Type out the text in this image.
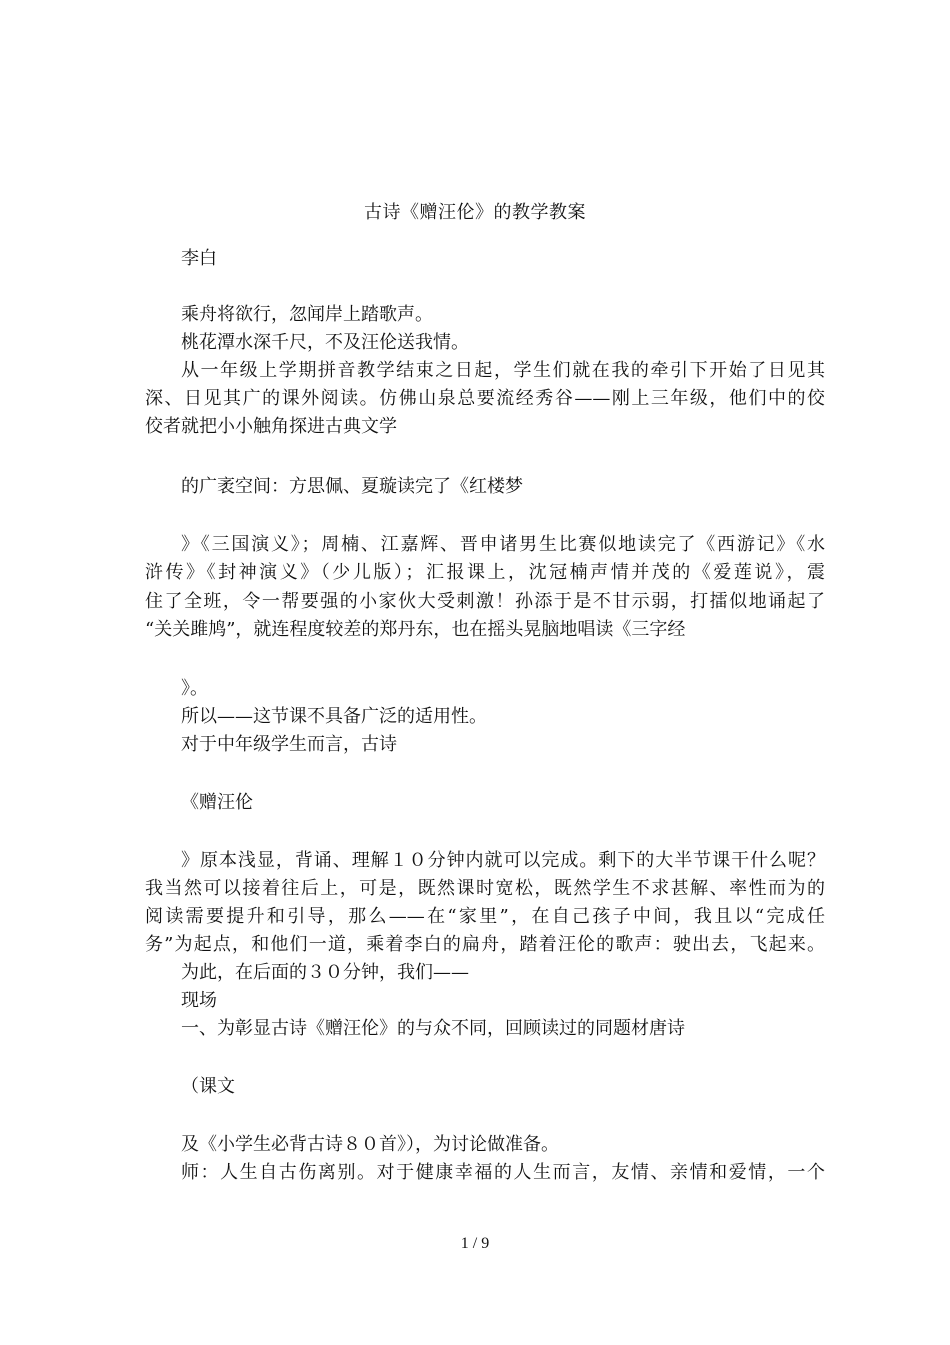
古诗《赠汪伦》的教学教案
李白
乘舟将欲行，忽闻岸上踏歌声。
桃花潭水深千尺，不及汪伦送我情。
从一年级上学期拼音教学结束之日起，学生们就在我的牵引下开始了日见其
深、日见其广的课外阅读。仿佛山泉总要流经秀谷——刚上三年级，他们中的佼
佼者就把小小触角探进古典文学
的广袤空间：方思佩、夏璇读完了《红楼梦
》《三国演义》；周楠、江嘉辉、晋申诸男生比赛似地读完了《西游记》《水
浒传》《封神演义》（少儿版）；汇报课上，沈冠楠声情并茂的《爱莲说》，震
住了全班，令一帮要强的小家伙大受刺激！孙添于是不甘示弱，打擂似地诵起了
“关关雎鸠”，就连程度较差的郑丹东，也在摇头晃脑地唱读《三字经
》。
所以——这节课不具备广泛的适用性。
对于中年级学生而言，古诗
《赠汪伦
》原本浅显，背诵、理解１０分钟内就可以完成。剩下的大半节课干什么呢？
我当然可以接着往后上，可是，既然课时宽松，既然学生不求甚解、率性而为的
阅读需要提升和引导，那么——在“家里”，在自己孩子中间，我且以“完成任
务”为起点，和他们一道，乘着李白的扁舟，踏着汪伦的歌声：驶出去，飞起来。
为此，在后面的３０分钟，我们——
现场
一、为彰显古诗《赠汪伦》的与众不同，回顾读过的同题材唐诗
（课文
及《小学生必背古诗８０首》），为讨论做准备。
师：人生自古伤离别。对于健康幸福的人生而言，友情、亲情和爱情，一个
1 / 9
